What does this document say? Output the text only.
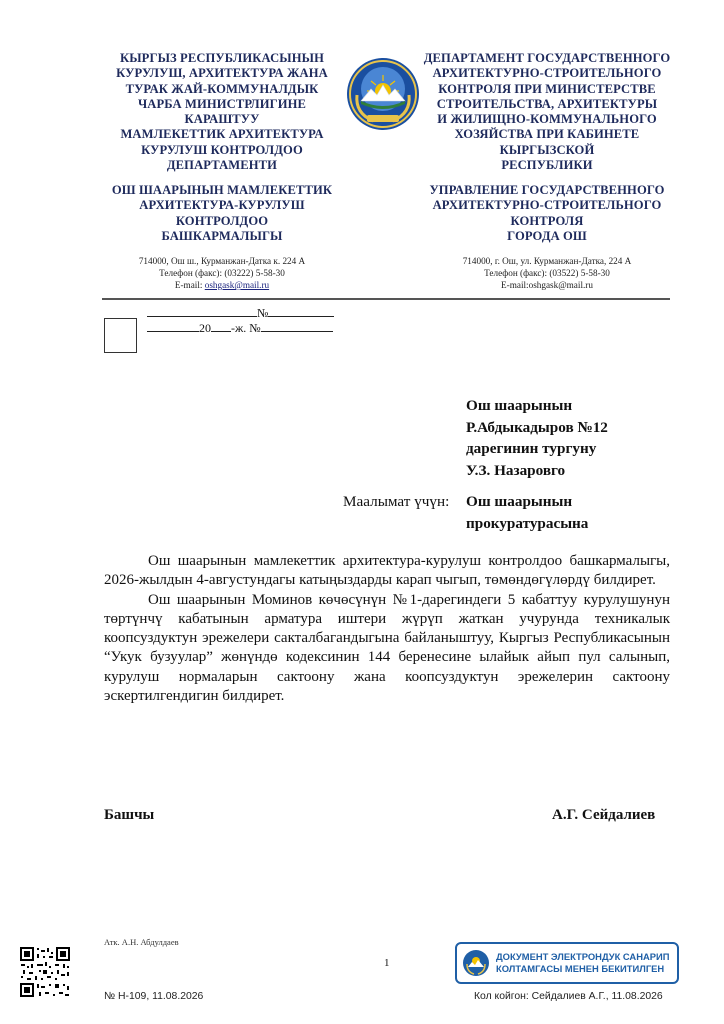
КЫРГЫЗ РЕСПУБЛИКАСЫНЫН
КУРУЛУШ, АРХИТЕКТУРА ЖАНА
ТУРАК ЖАЙ-КОММУНАЛДЫК
ЧАРБА МИНИСТРЛИГИНЕ
КАРАШТУУ
МАМЛЕКЕТТИК АРХИТЕКТУРА
КУРУЛУШ КОНТРОЛДОО
ДЕПАРТАМЕНТИ
ОШ ШААРЫНЫН МАМЛЕКЕТТИК
АРХИТЕКТУРА-КУРУЛУШ
КОНТРОЛДОО
БАШКАРМАЛЫГЫ
714000, Ош ш., Курманжан-Датка к. 224 А
Телефон (факс): (03222) 5-58-30
E-mail: oshgask@mail.ru
ДЕПАРТАМЕНТ ГОСУДАРСТВЕННОГО
АРХИТЕКТУРНО-СТРОИТЕЛЬНОГО
КОНТРОЛЯ ПРИ МИНИСТЕРСТВЕ
СТРОИТЕЛЬСТВА, АРХИТЕКТУРЫ
И ЖИЛИЩНО-КОММУНАЛЬНОГО
ХОЗЯЙСТВА ПРИ КАБИНЕТЕ
КЫРГЫЗСКОЙ
РЕСПУБЛИКИ
УПРАВЛЕНИЕ ГОСУДАРСТВЕННОГО
АРХИТЕКТУРНО-СТРОИТЕЛЬНОГО
КОНТРОЛЯ
ГОРОДА ОШ
714000, г. Ош, ул. Курманжан-Датка, 224 А
Телефон (факс): (03522) 5-58-30
E-mail:oshgask@mail.ru
№
20 -ж. №
Ош шаарынын
Р.Абдыкадыров №12
дарегинин тургуну
У.З. Назаровго
Маалымат үчүн: Ош шаарынын
прокуратурасына

Ош шаарынын мамлекеттик архитектура-курулуш контролдоо башкармалыгы, 2026-жылдын 4-августундагы катыңыздарды карап чыгып, төмөндөгүлөрдү билдирет.

Ош шаарынын Моминов көчөсүнүн №1-дарегиндеги 5 кабаттуу курулушунун төртүнчү кабатынын арматура иштери жүрүп жаткан учурунда техникалык коопсуздуктун эрежелери сакталбагандыгына байланыштуу, Кыргыз Республикасынын “Укук бузуулар” жөнүндө кодексинин 144 беренесине ылайык айып пул салынып, курулуш нормаларын сактоону жана коопсуздуктун эрежелерин сактоону эскертилгендигин билдирет.

Башчы	А.Г. Сейдалиев
Атк. А.Н. Абдулдаев
1
№ Н-109, 11.08.2026	Кол койгон: Сейдалиев А.Г., 11.08.2026
ДОКУМЕНТ ЭЛЕКТРОНДУК САНАРИП
КОЛТАМГАСЫ МЕНЕН БЕКИТИЛГЕН
